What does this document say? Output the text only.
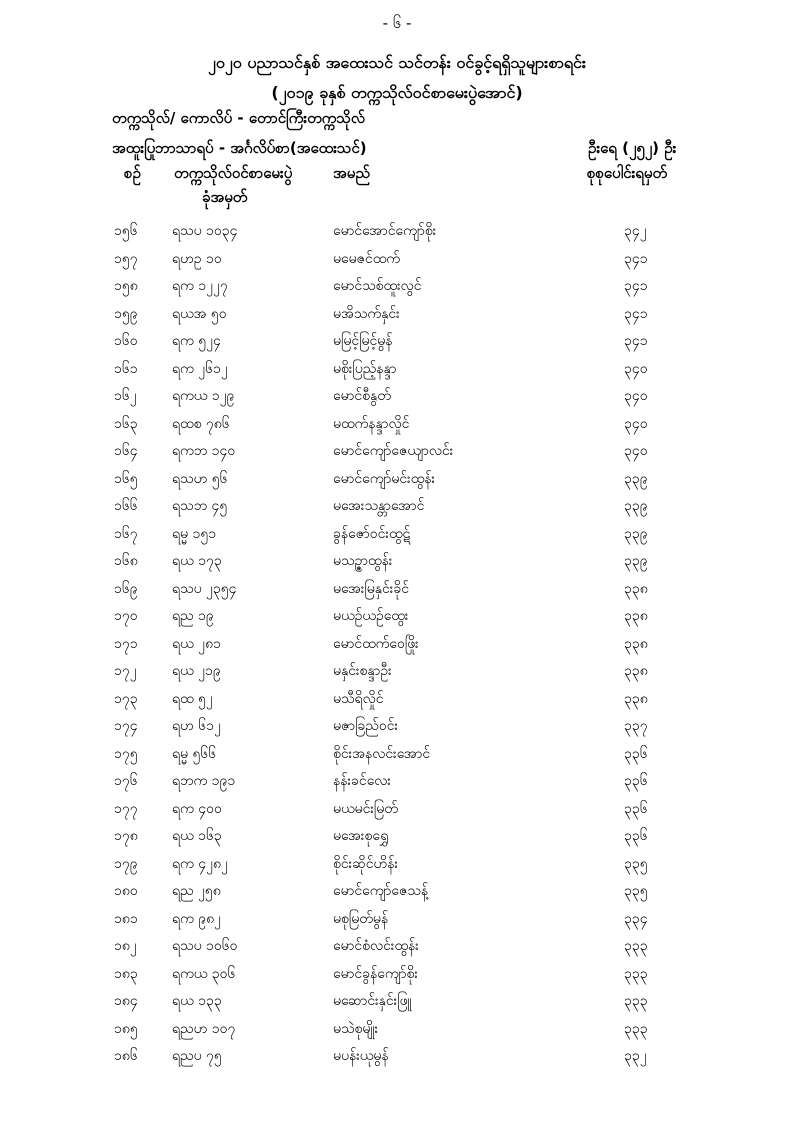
- ၆ -
၂၀၂၀ ပညာသင်နှစ် အထေးသင် သင်တန်း ဝင်ခွင့်ရရှိသူများစာရင်း
(၂၀၁၉ ခုနှစ် တက္ကသိုလ်ဝင်စာမေးပွဲအောင်)
တက္ကသိုလ်/ ကောလိပ် - ‌တောင်ကြီးတက္ကသိုလ်
အထူးပြုဘာသာရပ် - အင်္ဂလိပ်စာ(အထေးသင်)	ဦးရေ (၂၅၂) ဦး
စဉ် တက္ကသိုလ်ဝင်စာမေးပွဲ
ခုံအမှတ်
အမည်	စုစုပေါင်းရမှတ်
၁၅၆ ရသပ ၁၀၃၄	မောင်အောင်ကျော်စိုး	၃၄၂
၁၅၇ ရဟဥ ၁၀	မမေဇင်ထက်	၃၄၁
၁၅၈ ရက ၁၂၂၇	မောင်သစ်ထူးလွင်	၃၄၁
၁၅၉ ရယအ ၅၀	မအိသက်နှင်း	၃၄၁
၁၆၀ ရက ၅၂၄	မမြင့်မြင့်မွန်	၃၄၁
၁၆၁ ရက ၂၆၁၂	မစိုးပြည့်နန္ဒာ	၃၄၀
၁၆၂	ရကယ ၁၂၉	မောင်စီနွတ်	၃၄၀
၁၆၃ ရထစ ၇၈၆	မထက်နန္ဒာလှိုင်	၃၄၀
၁၆၄ ရကဘ ၁၄၀	မောင်ကျော်ဇေယျာလင်း	၃၄၀
၁၆၅ ရသဟ ၅၆	မောင်ကျော်မင်းထွန်း	၃၃၉
၁၆၆ ရသဘ ၄၅	မအေးသန္တာအောင်	၃၃၉
၁၆၇ ရမ္မ ၁၅၁	ခွန်ဇော်ဝင်းထွဋ်	၃၃၉
၁၆၈ ရယ ၁၇၃	မသဉ္ဇာထွန်း	၃၃၉
၁၆၉ ရသပ ၂၃၅၄	မအေးမြနှင်းခိုင်	၃၃၈
၁၇၀ ရည ၁၉	မယဉ်ယဉ်ထွေး	၃၃၈
၁၇၁ ရယ ၂၈၁	မောင်ထက်ဝေဖြိုး	၃၃၈
၁၇၂	ရယ ၂၁၉	မနှင်းစန္ဒာဦး	၃၃၈
၁၇၃ ရထ ၅၂	မသီရိလှိုင်	၃၃၈
၁၇၄ ရဟ ၆၁၂	မဇာခြည်ဝင်း	၃၃၇
၁၇၅ ရမ္မ ၅၆၆	စိုင်းအနလင်းအောင်	၃၃၆
၁၇၆ ရဘက ၁၉၁	နန်းခင်လေး	၃၃၆
၁၇၇ ရက ၄၀၀	မယမင်းမြတ်	၃၃၆
၁၇၈ ရယ ၁၆၃	မအေးစုရွှေ	၃၃၆
၁၇၉ ရက ၄၂၈၂	စိုင်းဆိုင်ဟိန်း	၃၃၅
၁၈၀ ရည ၂၅၈	မောင်ကျော်ဇေသန့်	၃၃၅
၁၈၁ ရက ၉၈၂	မစုမြတ်မွန်	၃၃၄
၁၈၂	ရသပ ၁၀၆၀	မောင်စံလင်းထွန်း	၃၃၃
၁၈၃ ရကယ ၃၀၆	မောင်ခွန်ကျော်စိုး	၃၃၃
၁၈၄ ရယ ၁၃၃	မဆောင်းနှင်းဖြူ	၃၃၃
၁၈၅ ရညဟ ၁၀၇	မသဲစုမျိုး	၃၃၃
၁၈၆ ရညပ ၇၅	မပန်းယုမွန်	၃၃၂
